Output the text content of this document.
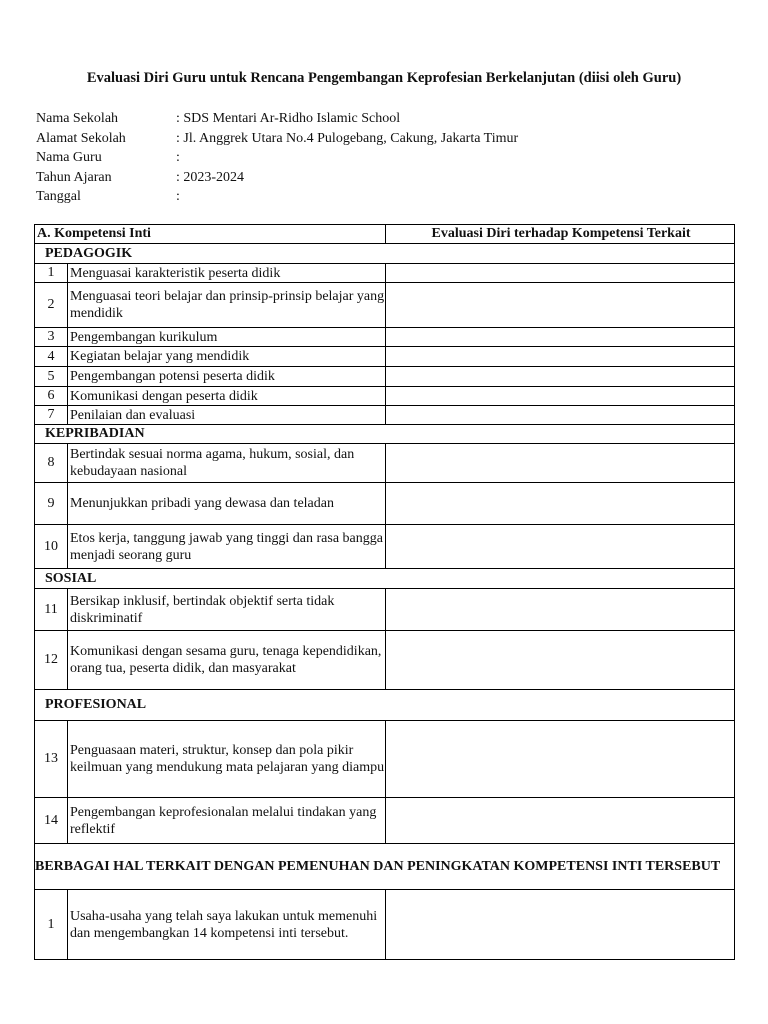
Evaluasi Diri Guru untuk Rencana Pengembangan Keprofesian Berkelanjutan (diisi oleh Guru)
Nama Sekolah	: SDS Mentari Ar-Ridho Islamic School
Alamat Sekolah	: Jl. Anggrek Utara No.4 Pulogebang, Cakung, Jakarta Timur
Nama Guru	:
Tahun Ajaran	: 2023-2024
Tanggal	:
A. Kompetensi Inti		Evaluasi Diri terhadap Kompetensi Terkait
PEDAGOGIK		
1	Menguasai karakteristik peserta didik	
2	Menguasai teori belajar dan prinsip-prinsip belajar yang mendidik	
3	Pengembangan kurikulum	
4	Kegiatan belajar yang mendidik	
5	Pengembangan potensi peserta didik	
6	Komunikasi dengan peserta didik	
7	Penilaian dan evaluasi	
KEPRIBADIAN		
8	Bertindak sesuai norma agama, hukum, sosial, dan kebudayaan nasional	
9	Menunjukkan pribadi yang dewasa dan teladan	
10	Etos kerja, tanggung jawab yang tinggi dan rasa bangga menjadi seorang guru	
SOSIAL		
11	Bersikap inklusif, bertindak objektif serta tidak diskriminatif	
12	Komunikasi dengan sesama guru, tenaga kependidikan, orang tua, peserta didik, dan masyarakat	
PROFESIONAL		
13	Penguasaan materi, struktur, konsep dan pola pikir keilmuan yang mendukung mata pelajaran yang diampu	
14	Pengembangan keprofesionalan melalui tindakan yang reflektif	
BERBAGAI HAL TERKAIT DENGAN PEMENUHAN DAN PENINGKATAN KOMPETENSI INTI TERSEBUT		
1	Usaha-usaha yang telah saya lakukan untuk memenuhi dan mengembangkan 14 kompetensi inti tersebut.	
